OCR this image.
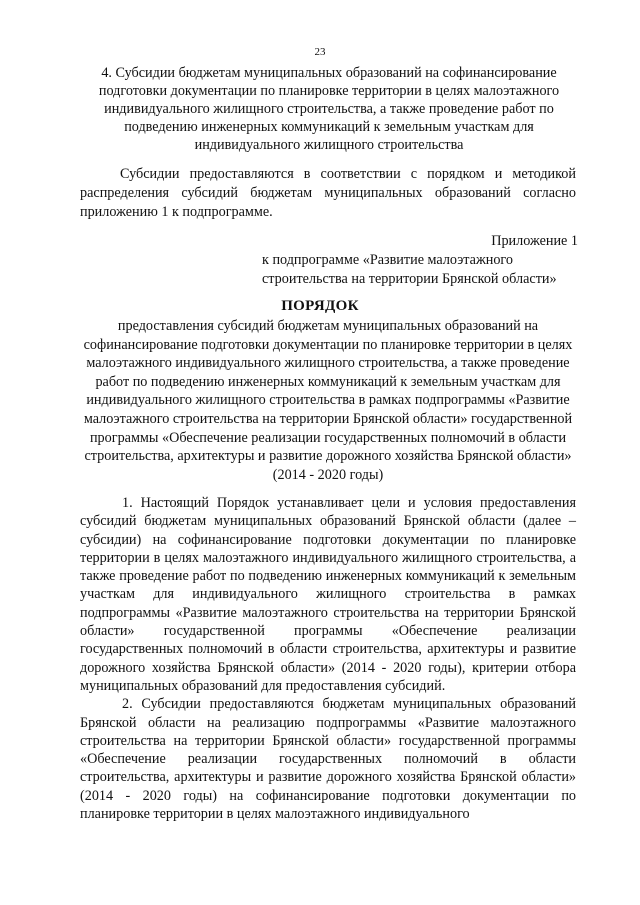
23
4. Субсидии бюджетам муниципальных образований на софинансирование подготовки документации по планировке территории в целях малоэтажного индивидуального жилищного строительства, а также проведение работ по подведению инженерных коммуникаций к земельным участкам для индивидуального жилищного строительства
Субсидии предоставляются в соответствии с порядком и методикой распределения субсидий бюджетам муниципальных образований согласно приложению 1 к подпрограмме.
Приложение 1
к подпрограмме «Развитие малоэтажного строительства на территории Брянской области»
ПОРЯДОК
предоставления субсидий бюджетам муниципальных образований на софинансирование подготовки документации по планировке территории в целях малоэтажного индивидуального жилищного строительства, а также проведение работ по подведению инженерных коммуникаций к земельным участкам для индивидуального жилищного строительства в рамках подпрограммы «Развитие малоэтажного строительства на территории Брянской области» государственной программы «Обеспечение реализации государственных полномочий в области строительства, архитектуры и развитие дорожного хозяйства Брянской области» (2014 - 2020 годы)

1. Настоящий Порядок устанавливает цели и условия предоставления субсидий бюджетам муниципальных образований Брянской области (далее – субсидии) на софинансирование подготовки документации по планировке территории в целях малоэтажного индивидуального жилищного строительства, а также проведение работ по подведению инженерных коммуникаций к земельным участкам для индивидуального жилищного строительства в рамках подпрограммы «Развитие малоэтажного строительства на территории Брянской области» государственной программы «Обеспечение реализации государственных полномочий в области строительства, архитектуры и развитие дорожного хозяйства Брянской области» (2014 - 2020 годы), критерии отбора муниципальных образований для предоставления субсидий.

2. Субсидии предоставляются бюджетам муниципальных образований Брянской области на реализацию подпрограммы «Развитие малоэтажного строительства на территории Брянской области» государственной программы «Обеспечение реализации государственных полномочий в области строительства, архитектуры и развитие дорожного хозяйства Брянской области» (2014 - 2020 годы) на софинансирование подготовки документации по планировке территории в целях малоэтажного индивидуального
